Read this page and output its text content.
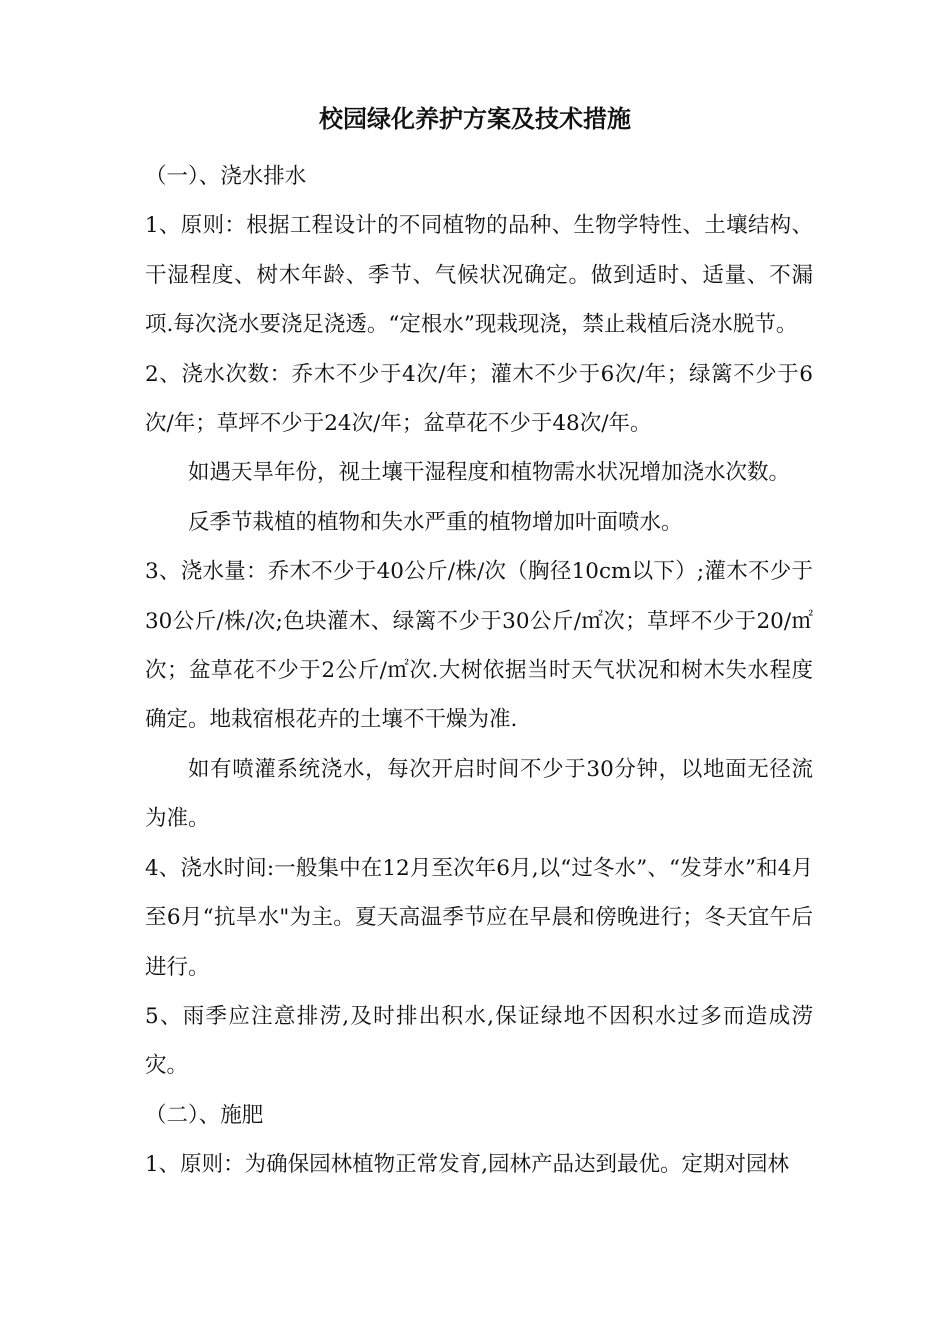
校园绿化养护方案及技术措施

（一）、浇水排水

1、原则：根据工程设计的不同植物的品种、生物学特性、土壤结构、干湿程度、树木年龄、季节、气候状况确定。做到适时、适量、不漏项.每次浇水要浇足浇透。“定根水”现栽现浇，禁止栽植后浇水脱节。

2、浇水次数：乔木不少于4次/年；灌木不少于6次/年；绿篱不少于6次/年；草坪不少于24次/年；盆草花不少于48次/年。

如遇天旱年份，视土壤干湿程度和植物需水状况增加浇水次数。

反季节栽植的植物和失水严重的植物增加叶面喷水。

3、浇水量：乔木不少于40公斤/株/次（胸径10cm以下）;灌木不少于30公斤/株/次;色块灌木、绿篱不少于30公斤/㎡次；草坪不少于20/㎡次；盆草花不少于2公斤/㎡次.大树依据当时天气状况和树木失水程度确定。地栽宿根花卉的土壤不干燥为准.

如有喷灌系统浇水，每次开启时间不少于30分钟，以地面无径流为准。

4、浇水时间:一般集中在12月至次年6月,以“过冬水”、“发芽水”和4月至6月“抗旱水"为主。夏天高温季节应在早晨和傍晚进行；冬天宜午后进行。

5、雨季应注意排涝,及时排出积水,保证绿地不因积水过多而造成涝灾。

（二）、施肥

1、原则：为确保园林植物正常发育,园林产品达到最优。定期对园林
